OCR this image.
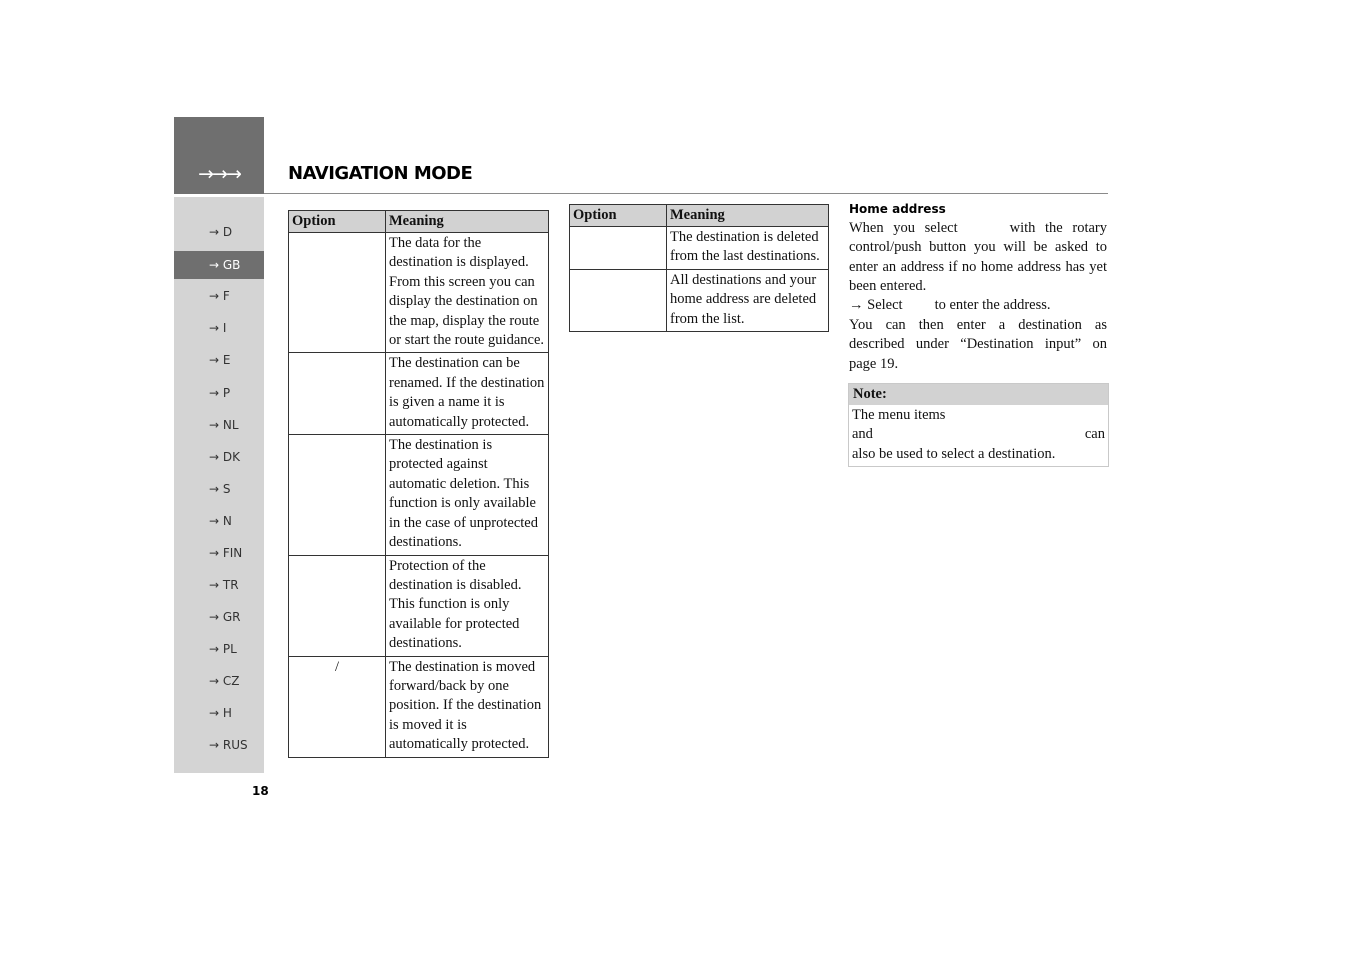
→→→	NAVIGATION MODE
→ D
→ GB
→ F
→ I
→ E
→ P
→ NL
→ DK
→ S
→ N
→ FIN
→ TR
→ GR
→ PL
→ CZ
→ H
→ RUS
18
Option	Meaning
	The data for the destination is displayed. From this screen you can display the destination on the map, display the route or start the route guidance.
	The destination can be renamed. If the destination is given a name it is automatically protected.
	The destination is protected against automatic deletion. This function is only available in the case of unprotected destinations.
	Protection of the destination is disabled. This function is only available for protected destinations.
/	The destination is moved forward/back by one position. If the destination is moved it is automatically protected.
Option	Meaning
	The destination is deleted from the last destinations.
	All destinations and your home address are deleted from the list.
Home address

When you select	with the rotary control/push button you will be asked to enter an address if no home address has yet been entered.

→ Select to enter the address.

You can then enter a destination as described under “Destination input” on page 19.

Note:
The menu items
and	can
also be used to select a destination.
